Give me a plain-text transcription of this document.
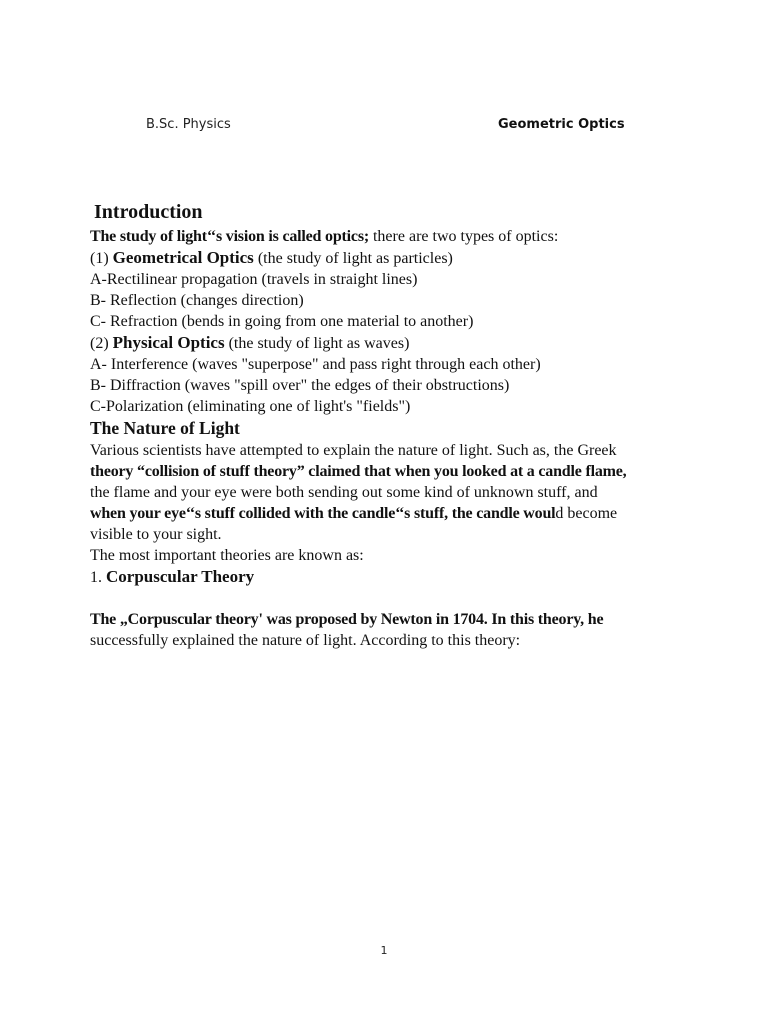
B.Sc. Physics	Geometric Optics
Introduction
The study of light‘‘s vision is called optics; there are two types of optics:
(1) Geometrical Optics (the study of light as particles)
A-Rectilinear propagation (travels in straight lines)
B- Reflection (changes direction)
C- Refraction (bends in going from one material to another)
(2) Physical Optics (the study of light as waves)
A- Interference (waves "superpose" and pass right through each other)
B- Diffraction (waves "spill over" the edges of their obstructions)
C-Polarization (eliminating one of light's "fields")
The Nature of Light
Various scientists have attempted to explain the nature of light. Such as, the Greek
theory “collision of stuff theory” claimed that when you looked at a candle flame,
the flame and your eye were both sending out some kind of unknown stuff, and
when your eye‘‘s stuff collided with the candle‘‘s stuff, the candle would become
visible to your sight.
The most important theories are known as:
1. Corpuscular Theory
The „Corpuscular theory' was proposed by Newton in 1704. In this theory, he
successfully explained the nature of light. According to this theory:
1
